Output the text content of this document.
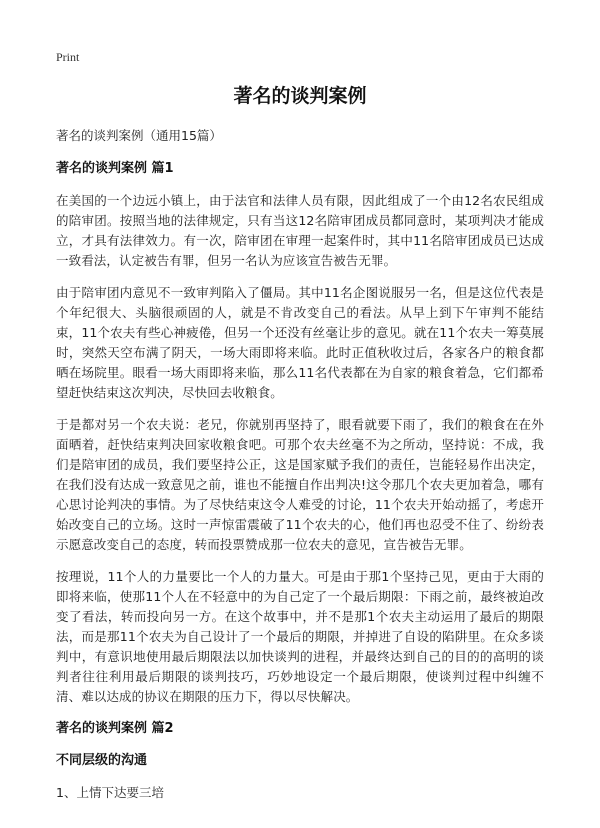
Print
著名的谈判案例
著名的谈判案例（通用15篇）
著名的谈判案例 篇1

在美国的一个边远小镇上，由于法官和法律人员有限，因此组成了一个由12名农民组成的陪审团。按照当地的法律规定，只有当这12名陪审团成员都同意时，某项判决才能成立，才具有法律效力。有一次，陪审团在审理一起案件时，其中11名陪审团成员已达成一致看法，认定被告有罪，但另一名认为应该宣告被告无罪。

由于陪审团内意见不一致审判陷入了僵局。其中11名企图说服另一名，但是这位代表是个年纪很大、头脑很顽固的人，就是不肯改变自己的看法。从早上到下午审判不能结束，11个农夫有些心神疲倦，但另一个还没有丝毫让步的意见。就在11个农夫一筹莫展时，突然天空布满了阴天，一场大雨即将来临。此时正值秋收过后，各家各户的粮食都晒在场院里。眼看一场大雨即将来临，那么11名代表都在为自家的粮食着急，它们都希望赶快结束这次判决，尽快回去收粮食。

于是都对另一个农夫说：老兄，你就别再坚持了，眼看就要下雨了，我们的粮食在在外面晒着，赶快结束判决回家收粮食吧。可那个农夫丝毫不为之所动，坚持说：不成，我们是陪审团的成员，我们要坚持公正，这是国家赋予我们的责任，岂能轻易作出决定，在我们没有达成一致意见之前，谁也不能擅自作出判决!这令那几个农夫更加着急，哪有心思讨论判决的事情。为了尽快结束这令人难受的讨论，11个农夫开始动摇了，考虑开始改变自己的立场。这时一声惊雷震破了11个农夫的心，他们再也忍受不住了、纷纷表示愿意改变自己的态度，转而投票赞成那一位农夫的意见，宣告被告无罪。

按理说，11个人的力量要比一个人的力量大。可是由于那1个坚持己见，更由于大雨的即将来临，使那11个人在不轻意中的为自己定了一个最后期限：下雨之前，最终被迫改变了看法，转而投向另一方。在这个故事中，并不是那1个农夫主动运用了最后的期限法，而是那11个农夫为自己设计了一个最后的期限，并掉进了自设的陷阱里。在众多谈判中，有意识地使用最后期限法以加快谈判的进程，并最终达到自己的目的的高明的谈判者往往利用最后期限的谈判技巧，巧妙地设定一个最后期限，使谈判过程中纠缠不清、难以达成的协议在期限的压力下，得以尽快解决。

著名的谈判案例 篇2
不同层级的沟通
1、上情下达要三培
